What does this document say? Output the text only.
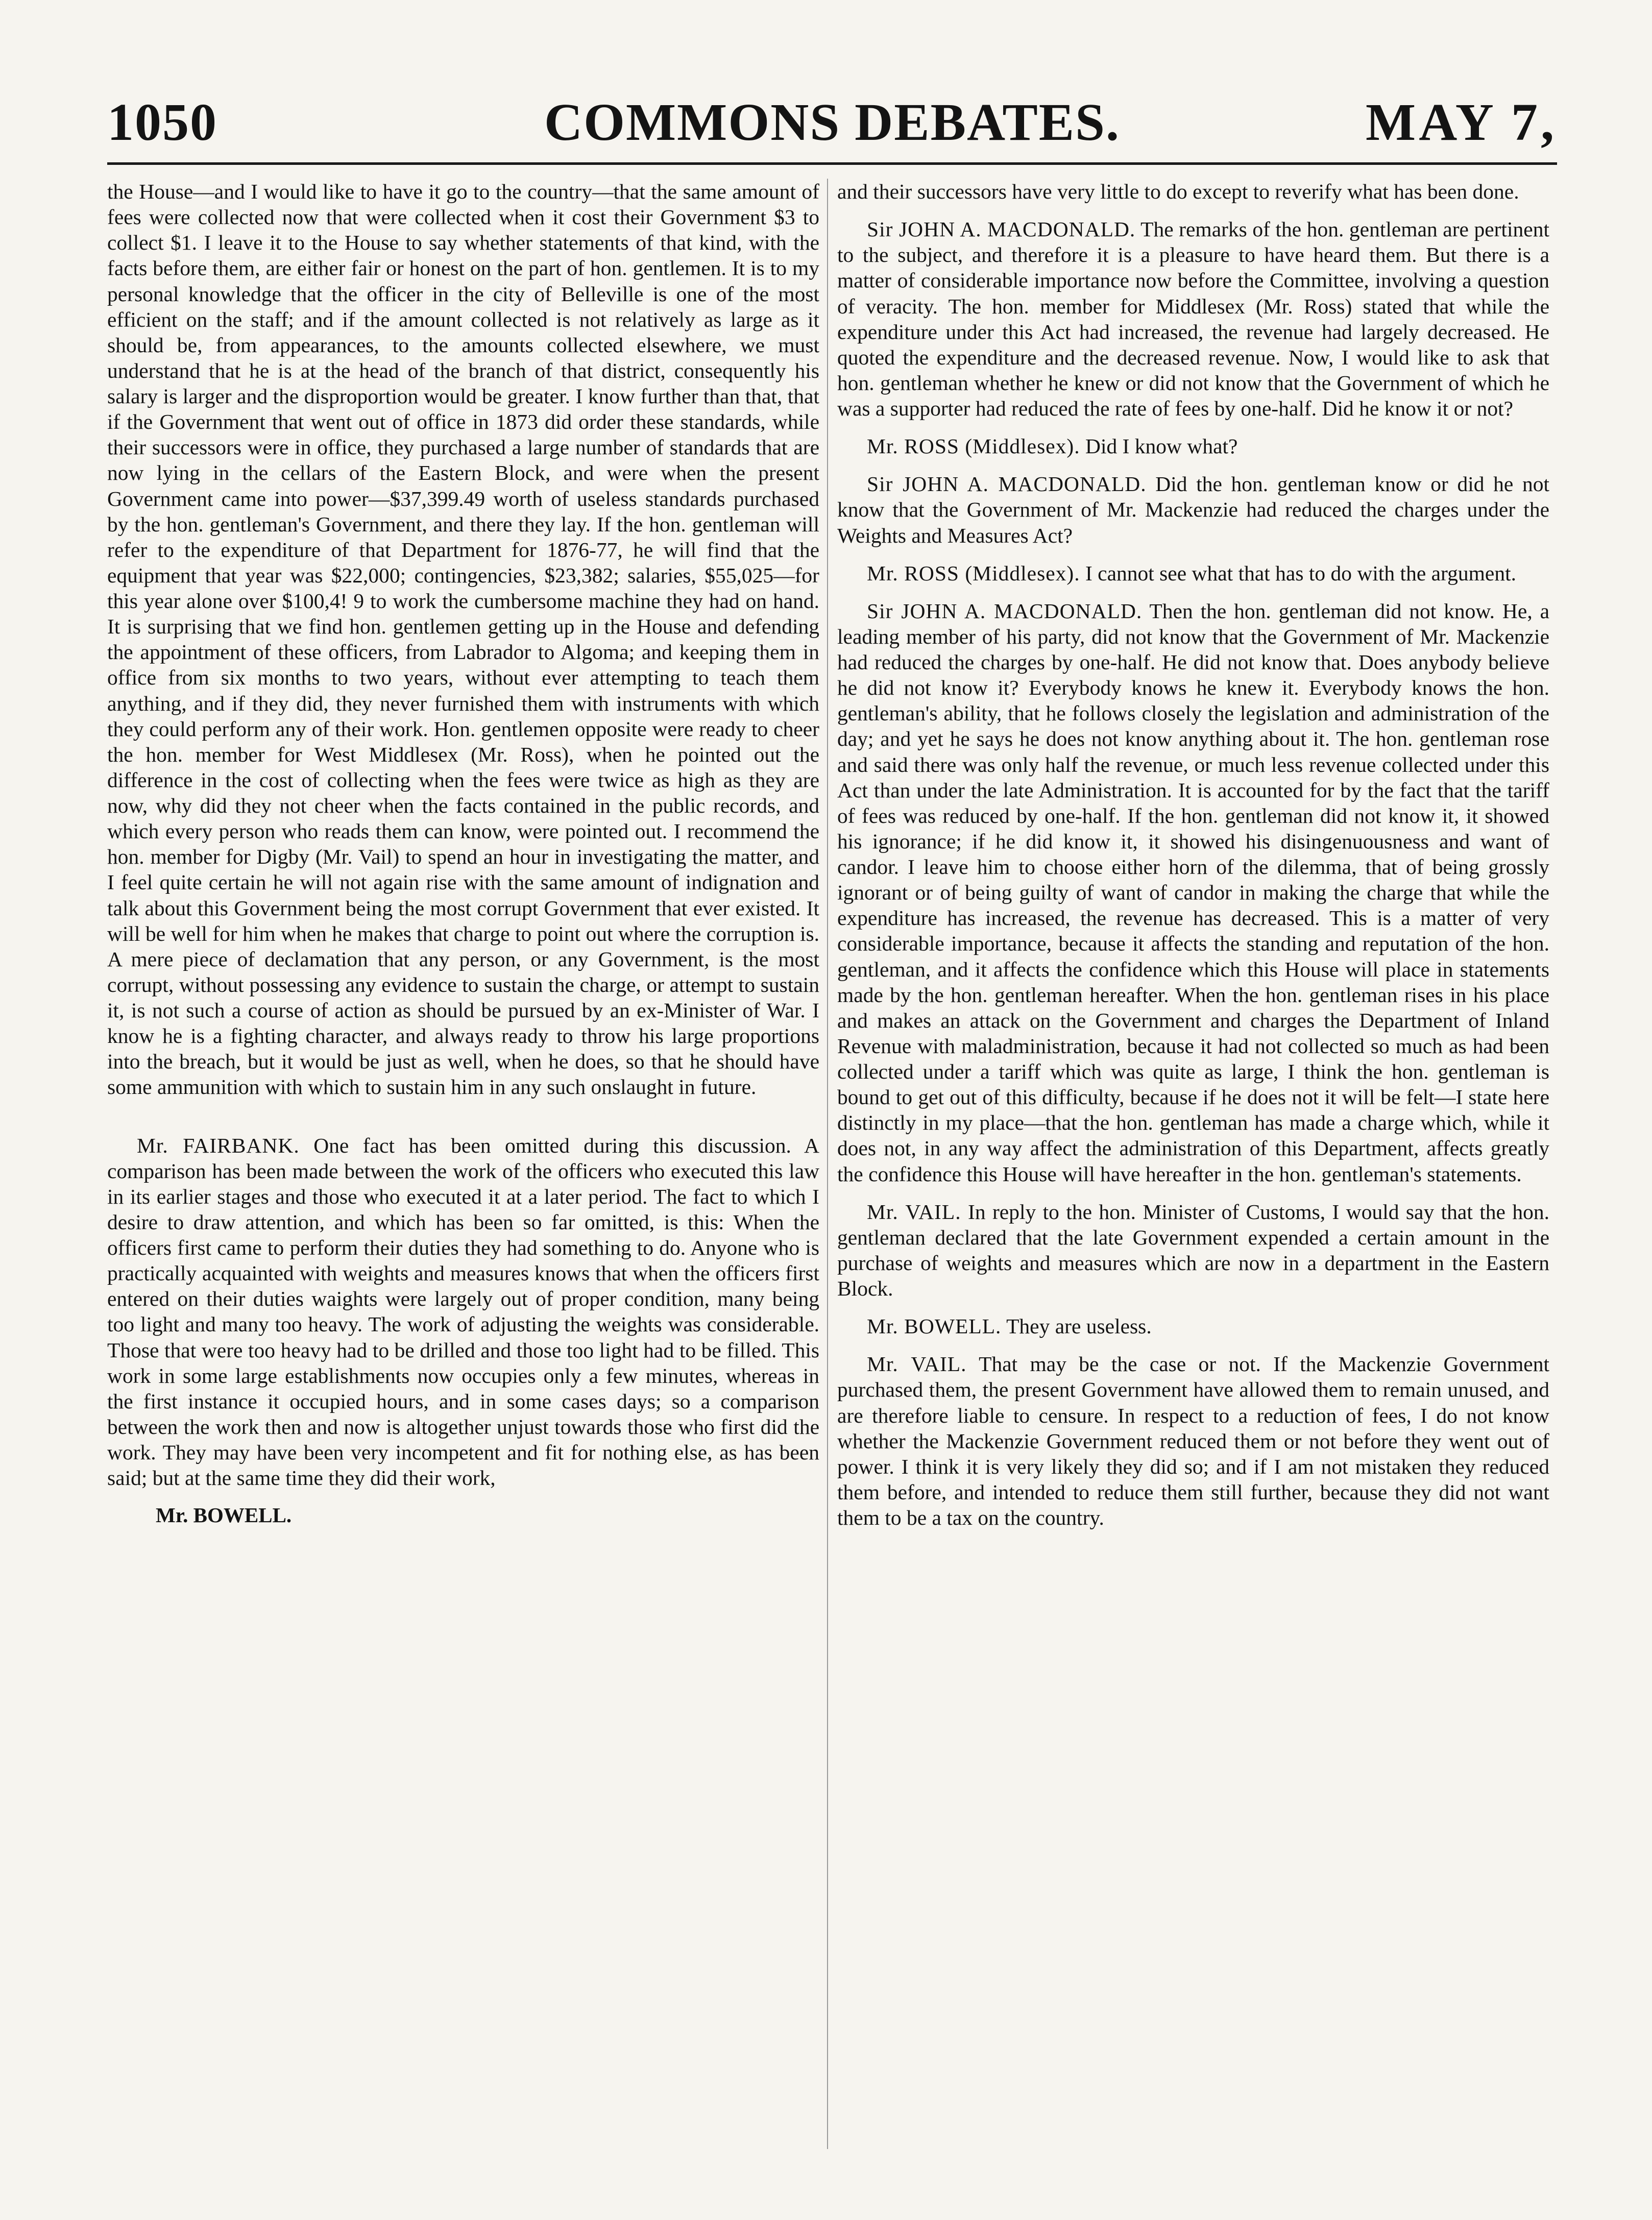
1050	COMMONS DEBATES.	MAY 7,

the House—and I would like to have it go to the country—that the same amount of fees were collected now that were collected when it cost their Government $3 to collect $1. I leave it to the House to say whether statements of that kind, with the facts before them, are either fair or honest on the part of hon. gentlemen. It is to my personal knowledge that the officer in the city of Belleville is one of the most efficient on the staff; and if the amount collected is not relatively as large as it should be, from appearances, to the amounts collected elsewhere, we must understand that he is at the head of the branch of that district, consequently his salary is larger and the disproportion would be greater. I know further than that, that if the Government that went out of office in 1873 did order these standards, while their successors were in office, they purchased a large number of standards that are now lying in the cellars of the Eastern Block, and were when the present Government came into power—$37,399.49 worth of useless standards purchased by the hon. gentleman's Government, and there they lay. If the hon. gentleman will refer to the expenditure of that Department for 1876-77, he will find that the equipment that year was $22,000; contingencies, $23,382; salaries, $55,025—for this year alone over $100,4! 9 to work the cumbersome machine they had on hand. It is surprising that we find hon. gentlemen getting up in the House and defending the appointment of these officers, from Labrador to Algoma; and keeping them in office from six months to two years, without ever attempting to teach them anything, and if they did, they never furnished them with instruments with which they could perform any of their work. Hon. gentlemen opposite were ready to cheer the hon. member for West Middlesex (Mr. Ross), when he pointed out the difference in the cost of collecting when the fees were twice as high as they are now, why did they not cheer when the facts contained in the public records, and which every person who reads them can know, were pointed out. I recommend the hon. member for Digby (Mr. Vail) to spend an hour in investigating the matter, and I feel quite certain he will not again rise with the same amount of indignation and talk about this Government being the most corrupt Government that ever existed. It will be well for him when he makes that charge to point out where the corruption is. A mere piece of declamation that any person, or any Government, is the most corrupt, without possessing any evidence to sustain the charge, or attempt to sustain it, is not such a course of action as should be pursued by an ex-Minister of War. I know he is a fighting character, and always ready to throw his large proportions into the breach, but it would be just as well, when he does, so that he should have some ammunition with which to sustain him in any such onslaught in future.

Mr. FAIRBANK. One fact has been omitted during this discussion. A comparison has been made between the work of the officers who executed this law in its earlier stages and those who executed it at a later period. The fact to which I desire to draw attention, and which has been so far omitted, is this: When the officers first came to perform their duties they had something to do. Anyone who is practically acquainted with weights and measures knows that when the officers first entered on their duties waights were largely out of proper condition, many being too light and many too heavy. The work of adjusting the weights was considerable. Those that were too heavy had to be drilled and those too light had to be filled. This work in some large establishments now occupies only a few minutes, whereas in the first instance it occupied hours, and in some cases days; so a comparison between the work then and now is altogether unjust towards those who first did the work. They may have been very incompetent and fit for nothing else, as has been said; but at the same time they did their work,

Mr. BOWELL.

and their successors have very little to do except to reverify what has been done.

Sir JOHN A. MACDONALD. The remarks of the hon. gentleman are pertinent to the subject, and therefore it is a pleasure to have heard them. But there is a matter of considerable importance now before the Committee, involving a question of veracity. The hon. member for Middlesex (Mr. Ross) stated that while the expenditure under this Act had increased, the revenue had largely decreased. He quoted the expenditure and the decreased revenue. Now, I would like to ask that hon. gentleman whether he knew or did not know that the Government of which he was a supporter had reduced the rate of fees by one-half. Did he know it or not?

Mr. ROSS (Middlesex). Did I know what?

Sir JOHN A. MACDONALD. Did the hon. gentleman know or did he not know that the Government of Mr. Mackenzie had reduced the charges under the Weights and Measures Act?

Mr. ROSS (Middlesex). I cannot see what that has to do with the argument.

Sir JOHN A. MACDONALD. Then the hon. gentleman did not know. He, a leading member of his party, did not know that the Government of Mr. Mackenzie had reduced the charges by one-half. He did not know that. Does anybody believe he did not know it? Everybody knows he knew it. Everybody knows the hon. gentleman's ability, that he follows closely the legislation and administration of the day; and yet he says he does not know anything about it. The hon. gentleman rose and said there was only half the revenue, or much less revenue collected under this Act than under the late Administration. It is accounted for by the fact that the tariff of fees was reduced by one-half. If the hon. gentleman did not know it, it showed his ignorance; if he did know it, it showed his disingenuousness and want of candor. I leave him to choose either horn of the dilemma, that of being grossly ignorant or of being guilty of want of candor in making the charge that while the expenditure has increased, the revenue has decreased. This is a matter of very considerable importance, because it affects the standing and reputation of the hon. gentleman, and it affects the confidence which this House will place in statements made by the hon. gentleman hereafter. When the hon. gentleman rises in his place and makes an attack on the Government and charges the Department of Inland Revenue with maladministration, because it had not collected so much as had been collected under a tariff which was quite as large, I think the hon. gentleman is bound to get out of this difficulty, because if he does not it will be felt—I state here distinctly in my place—that the hon. gentleman has made a charge which, while it does not, in any way affect the administration of this Department, affects greatly the confidence this House will have hereafter in the hon. gentleman's statements.

Mr. VAIL. In reply to the hon. Minister of Customs, I would say that the hon. gentleman declared that the late Government expended a certain amount in the purchase of weights and measures which are now in a department in the Eastern Block.

Mr. BOWELL. They are useless.

Mr. VAIL. That may be the case or not. If the Mackenzie Government purchased them, the present Government have allowed them to remain unused, and are therefore liable to censure. In respect to a reduction of fees, I do not know whether the Mackenzie Government reduced them or not before they went out of power. I think it is very likely they did so; and if I am not mistaken they reduced them before, and intended to reduce them still further, because they did not want them to be a tax on the country.
